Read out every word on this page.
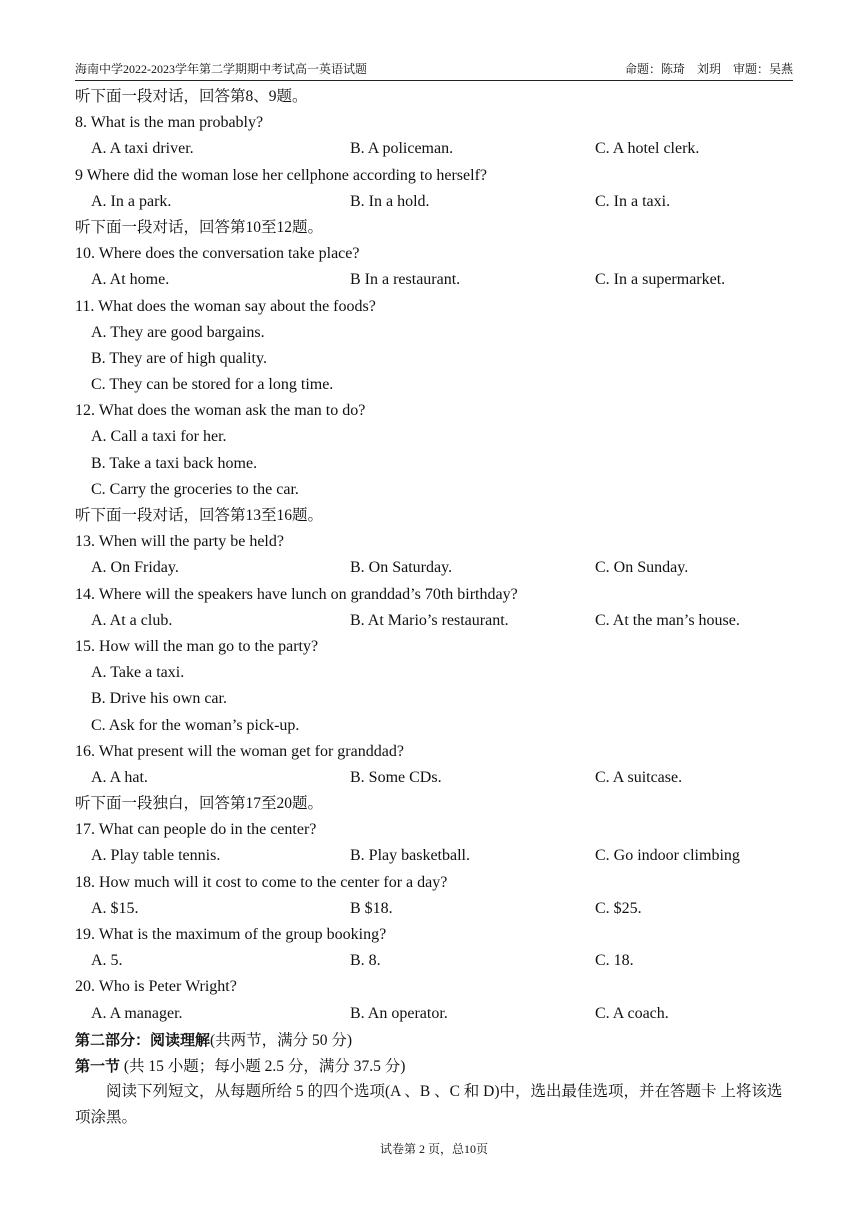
海南中学2022-2023学年第二学期期中考试高一英语试题	命题：陈琦　刘玥　审题：吴燕
听下面一段对话，回答第8、9题。
8. What is the man probably?
A. A taxi driver.	B. A policeman.	C. A hotel clerk.
9 Where did the woman lose her cellphone according to herself?
A. In a park.	B. In a hold.	C. In a taxi.
听下面一段对话，回答第10至12题。
10. Where does the conversation take place?
A. At home.	B In a restaurant.	C. In a supermarket.
11. What does the woman say about the foods?
A. They are good bargains.
B. They are of high quality.
C. They can be stored for a long time.
12. What does the woman ask the man to do?
A. Call a taxi for her.
B. Take a taxi back home.
C. Carry the groceries to the car.
听下面一段对话，回答第13至16题。
13. When will the party be held?
A. On Friday.	B. On Saturday.	C. On Sunday.
14. Where will the speakers have lunch on granddad’s 70th birthday?
A. At a club.	B. At Mario’s restaurant.	C. At the man’s house.
15. How will the man go to the party?
A. Take a taxi.
B. Drive his own car.
C. Ask for the woman’s pick-up.
16. What present will the woman get for granddad?
A. A hat.	B. Some CDs.	C. A suitcase.
听下面一段独白，回答第17至20题。
17. What can people do in the center?
A. Play table tennis.	B. Play basketball.	C. Go indoor climbing
18. How much will it cost to come to the center for a day?
A. $15.	B $18.	C. $25.
19. What is the maximum of the group booking?
A. 5.	B. 8.	C. 18.
20. Who is Peter Wright?
A. A manager.	B. An operator.	C. A coach.
第二部分：阅读理解(共两节，满分 50 分)
第一节 (共 15 小题；每小题 2.5 分，满分 37.5 分)
阅读下列短文，从每题所给 5 的四个选项(A 、B 、C 和 D)中，选出最佳选项，并在答题卡 上将该选项涂黑。
试卷第 2 页，总10页
